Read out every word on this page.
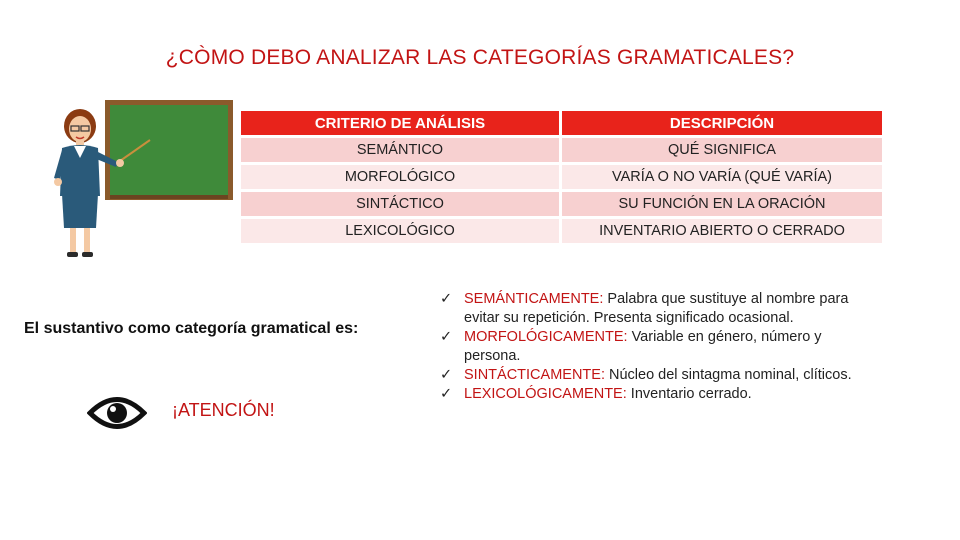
¿CÒMO DEBO ANALIZAR LAS CATEGORÍAS GRAMATICALES?
CRITERIO DE ANÁLISIS	DESCRIPCIÓN
SEMÁNTICO	QUÉ SIGNIFICA
MORFOLÓGICO	VARÍA O NO VARÍA (QUÉ VARÍA)
SINTÁCTICO	SU FUNCIÓN EN LA ORACIÓN
LEXICOLÓGICO	INVENTARIO ABIERTO O CERRADO
El sustantivo como categoría gramatical es:
¡ATENCIÓN!
✓ SEMÁNTICAMENTE: Palabra que sustituye al nombre para evitar su repetición. Presenta significado ocasional.
✓ MORFOLÓGICAMENTE: Variable en género, número y persona.
✓ SINTÁCTICAMENTE: Núcleo del sintagma nominal, clíticos.
✓ LEXICOLÓGICAMENTE: Inventario cerrado.
